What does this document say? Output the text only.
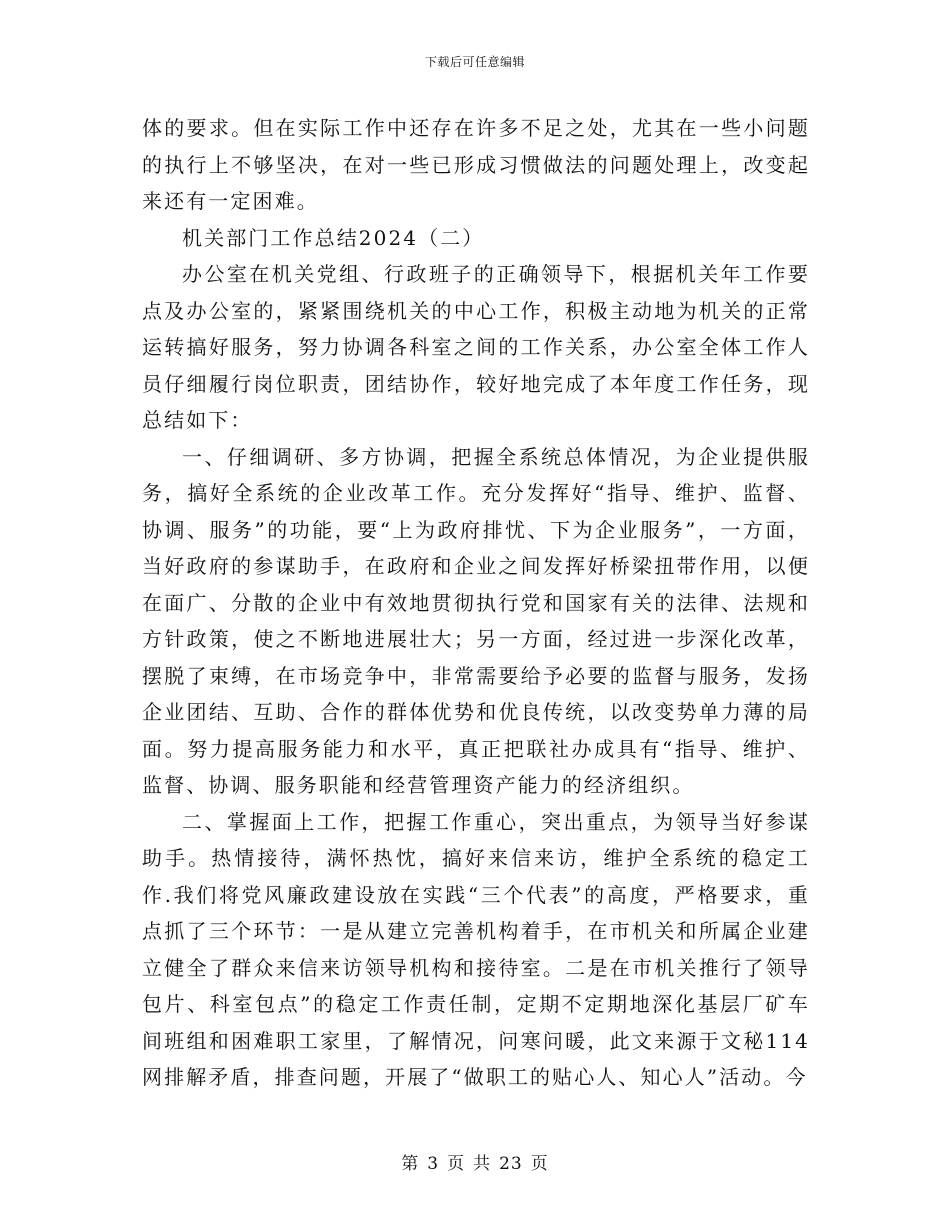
下载后可任意编辑

体的要求。但在实际工作中还存在许多不足之处，尤其在一些小问题的执行上不够坚决，在对一些已形成习惯做法的问题处理上，改变起来还有一定困难。

机关部门工作总结2024（二）

办公室在机关党组、行政班子的正确领导下，根据机关年工作要点及办公室的，紧紧围绕机关的中心工作，积极主动地为机关的正常运转搞好服务，努力协调各科室之间的工作关系，办公室全体工作人员仔细履行岗位职责，团结协作，较好地完成了本年度工作任务，现总结如下：

一、仔细调研、多方协调，把握全系统总体情况，为企业提供服务，搞好全系统的企业改革工作。充分发挥好“指导、维护、监督、协调、服务”的功能，要“上为政府排忧、下为企业服务”，一方面，当好政府的参谋助手，在政府和企业之间发挥好桥梁扭带作用，以便在面广、分散的企业中有效地贯彻执行党和国家有关的法律、法规和方针政策，使之不断地进展壮大；另一方面，经过进一步深化改革，摆脱了束缚，在市场竞争中，非常需要给予必要的监督与服务，发扬企业团结、互助、合作的群体优势和优良传统，以改变势单力薄的局面。努力提高服务能力和水平，真正把联社办成具有“指导、维护、监督、协调、服务职能和经营管理资产能力的经济组织。

二、掌握面上工作，把握工作重心，突出重点，为领导当好参谋助手。热情接待，满怀热忱，搞好来信来访，维护全系统的稳定工作.我们将党风廉政建设放在实践“三个代表”的高度，严格要求，重点抓了三个环节：一是从建立完善机构着手，在市机关和所属企业建立健全了群众来信来访领导机构和接待室。二是在市机关推行了领导包片、科室包点”的稳定工作责任制，定期不定期地深化基层厂矿车间班组和困难职工家里，了解情况，问寒问暖，此文来源于文秘114网排解矛盾，排查问题，开展了“做职工的贴心人、知心人”活动。今

第 3 页 共 23 页
